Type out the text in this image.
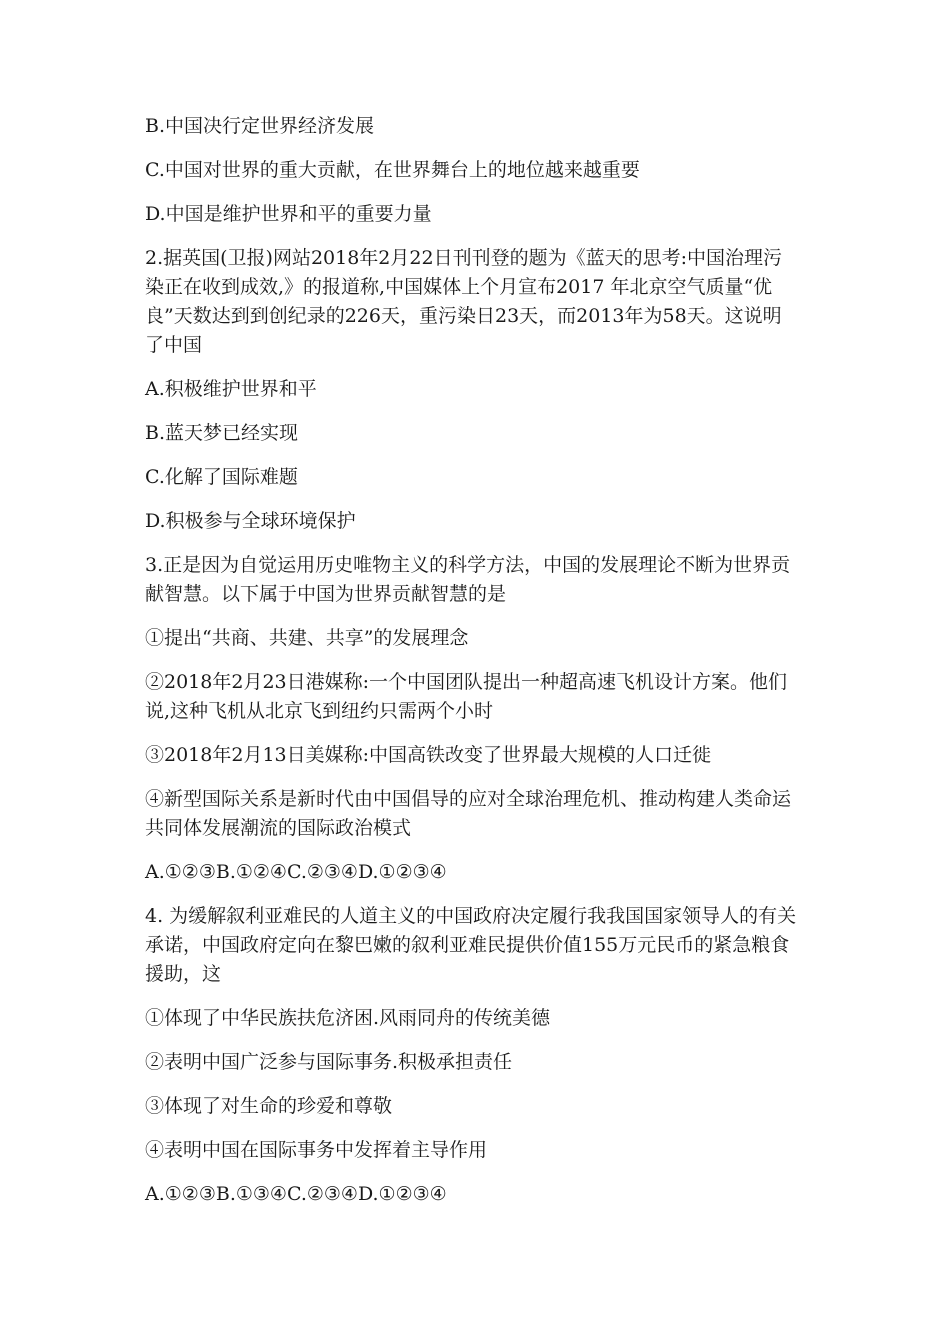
B.中国决行定世界经济发展

C.中国对世界的重大贡献，在世界舞台上的地位越来越重要

D.中国是维护世界和平的重要力量

2.据英国(卫报)网站2018年2月22日刊刊登的题为《蓝天的思考:中国治理污
染正在收到成效,》的报道称,中国媒体上个月宣布2017 年北京空气质量“优
良”天数达到到创纪录的226天，重污染日23天，而2013年为58天。这说明
了中国

A.积极维护世界和平

B.蓝天梦已经实现

C.化解了国际难题

D.积极参与全球环境保护

3.正是因为自觉运用历史唯物主义的科学方法，中国的发展理论不断为世界贡
献智慧。以下属于中国为世界贡献智慧的是

①提出“共商、共建、共享”的发展理念

②2018年2月23日港媒称:一个中国团队提出一种超高速飞机设计方案。他们
说,这种飞机从北京飞到纽约只需两个小时

③2018年2月13日美媒称:中国高铁改变了世界最大规模的人口迁徙

④新型国际关系是新时代由中国倡导的应对全球治理危机、推动构建人类命运
共同体发展潮流的国际政治模式

A.①②③B.①②④C.②③④D.①②③④

4. 为缓解叙利亚难民的人道主义的中国政府决定履行我我国国家领导人的有关
承诺，中国政府定向在黎巴嫩的叙利亚难民提供价值155万元民币的紧急粮食
援助，这

①体现了中华民族扶危济困.风雨同舟的传统美德

②表明中国广泛参与国际事务.积极承担责任

③体现了对生命的珍爱和尊敬

④表明中国在国际事务中发挥着主导作用

A.①②③B.①③④C.②③④D.①②③④
